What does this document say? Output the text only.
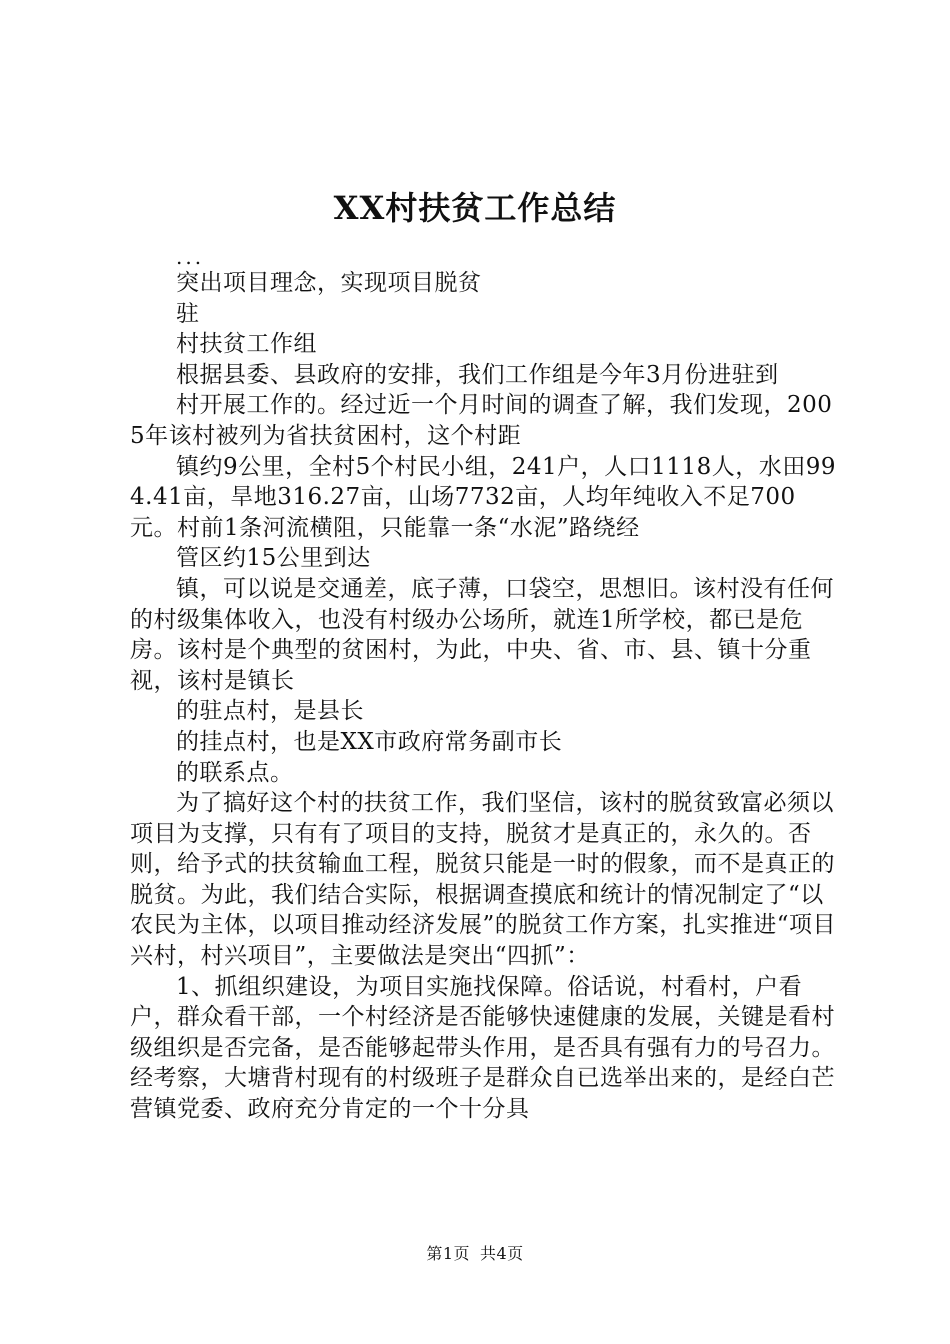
XX村扶贫工作总结

...

突出项目理念，实现项目脱贫

驻

村扶贫工作组

根据县委、县政府的安排，我们工作组是今年3月份进驻到

村开展工作的。经过近一个月时间的调查了解，我们发现，2005年该村被列为省扶贫困村，这个村距

镇约9公里，全村5个村民小组，241户，人口1118人，水田994.41亩，旱地316.27亩，山场7732亩，人均年纯收入不足700元。村前1条河流横阻，只能靠一条“水泥”路绕经

管区约15公里到达

镇，可以说是交通差，底子薄，口袋空，思想旧。该村没有任何的村级集体收入，也没有村级办公场所，就连1所学校，都已是危房。该村是个典型的贫困村，为此，中央、省、市、县、镇十分重视，该村是镇长

的驻点村，是县长

的挂点村，也是XX市政府常务副市长

的联系点。

为了搞好这个村的扶贫工作，我们坚信，该村的脱贫致富必须以项目为支撑，只有有了项目的支持，脱贫才是真正的，永久的。否则，给予式的扶贫输血工程，脱贫只能是一时的假象，而不是真正的脱贫。为此，我们结合实际，根据调查摸底和统计的情况制定了“以农民为主体，以项目推动经济发展”的脱贫工作方案，扎实推进“项目兴村，村兴项目”，主要做法是突出“四抓”：

1、抓组织建设，为项目实施找保障。俗话说，村看村，户看户，群众看干部，一个村经济是否能够快速健康的发展，关键是看村级组织是否完备，是否能够起带头作用，是否具有强有力的号召力。经考察，大塘背村现有的村级班子是群众自已选举出来的，是经白芒营镇党委、政府充分肯定的一个十分具

第1页 共4页
